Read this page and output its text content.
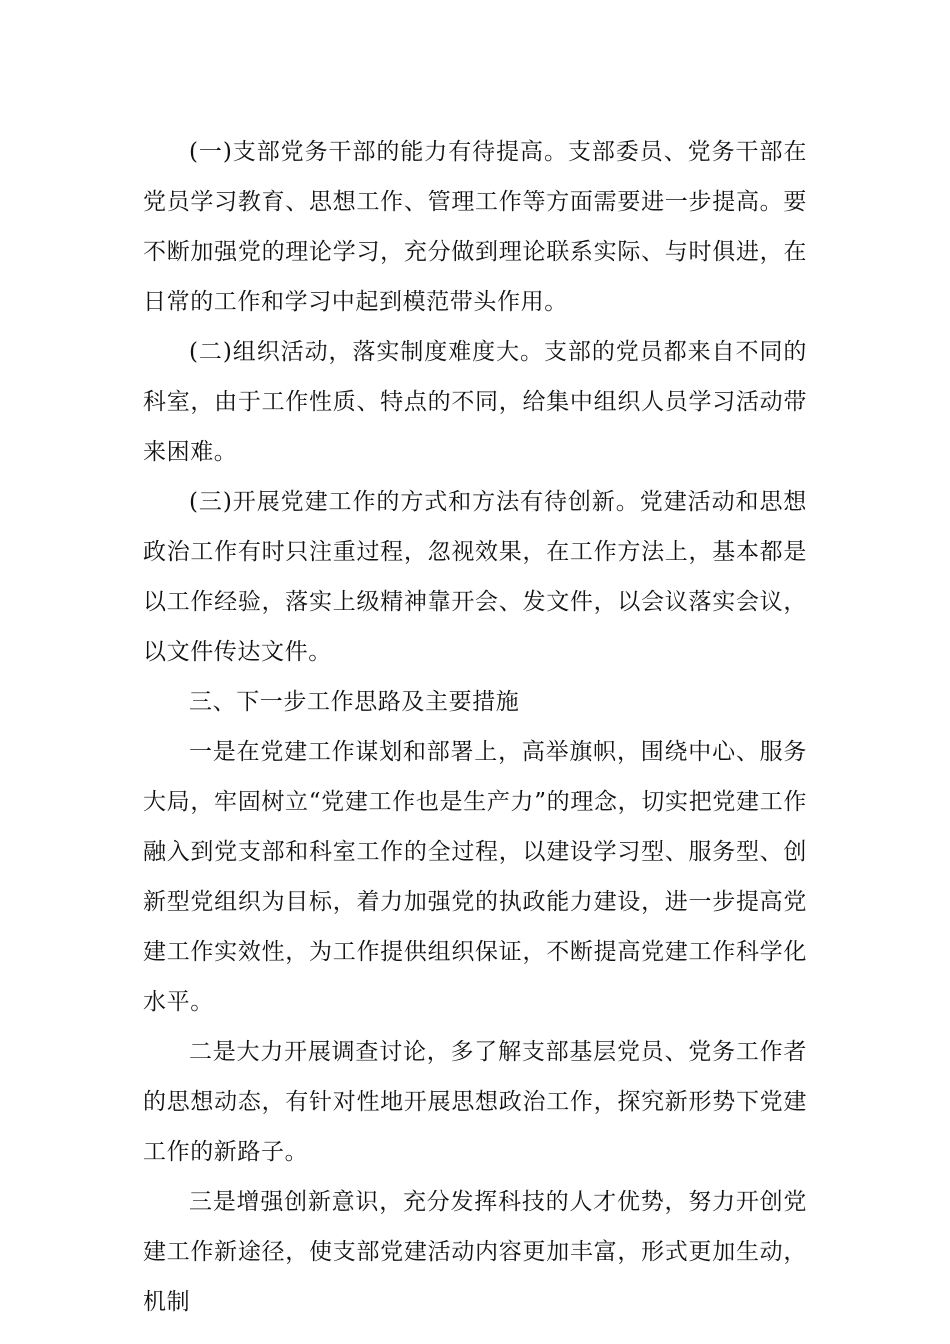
(一)支部党务干部的能力有待提高。支部委员、党务干部在党员学习教育、思想工作、管理工作等方面需要进一步提高。要不断加强党的理论学习，充分做到理论联系实际、与时俱进，在日常的工作和学习中起到模范带头作用。

(二)组织活动，落实制度难度大。支部的党员都来自不同的科室，由于工作性质、特点的不同，给集中组织人员学习活动带来困难。

(三)开展党建工作的方式和方法有待创新。党建活动和思想政治工作有时只注重过程，忽视效果，在工作方法上，基本都是以工作经验，落实上级精神靠开会、发文件，以会议落实会议，以文件传达文件。

三、下一步工作思路及主要措施

一是在党建工作谋划和部署上，高举旗帜，围绕中心、服务大局，牢固树立“党建工作也是生产力”的理念，切实把党建工作融入到党支部和科室工作的全过程，以建设学习型、服务型、创新型党组织为目标，着力加强党的执政能力建设，进一步提高党建工作实效性，为工作提供组织保证，不断提高党建工作科学化水平。

二是大力开展调查讨论，多了解支部基层党员、党务工作者的思想动态，有针对性地开展思想政治工作，探究新形势下党建工作的新路子。

三是增强创新意识，充分发挥科技的人才优势，努力开创党建工作新途径，使支部党建活动内容更加丰富，形式更加生动，机制
